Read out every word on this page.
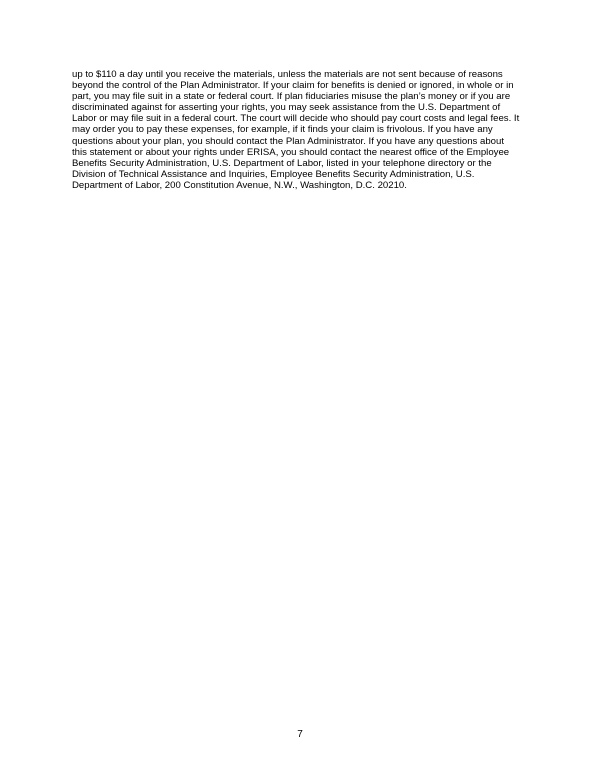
up to $110 a day until you receive the materials, unless the materials are not sent because of reasons
beyond the control of the Plan Administrator. If your claim for benefits is denied or ignored, in whole or in
part, you may file suit in a state or federal court. If plan fiduciaries misuse the plan’s money or if you are
discriminated against for asserting your rights, you may seek assistance from the U.S. Department of
Labor or may file suit in a federal court. The court will decide who should pay court costs and legal fees. It
may order you to pay these expenses, for example, if it finds your claim is frivolous. If you have any
questions about your plan, you should contact the Plan Administrator. If you have any questions about
this statement or about your rights under ERISA, you should contact the nearest office of the Employee
Benefits Security Administration, U.S. Department of Labor, listed in your telephone directory or the
Division of Technical Assistance and Inquiries, Employee Benefits Security Administration, U.S.
Department of Labor, 200 Constitution Avenue, N.W., Washington, D.C. 20210.

7
